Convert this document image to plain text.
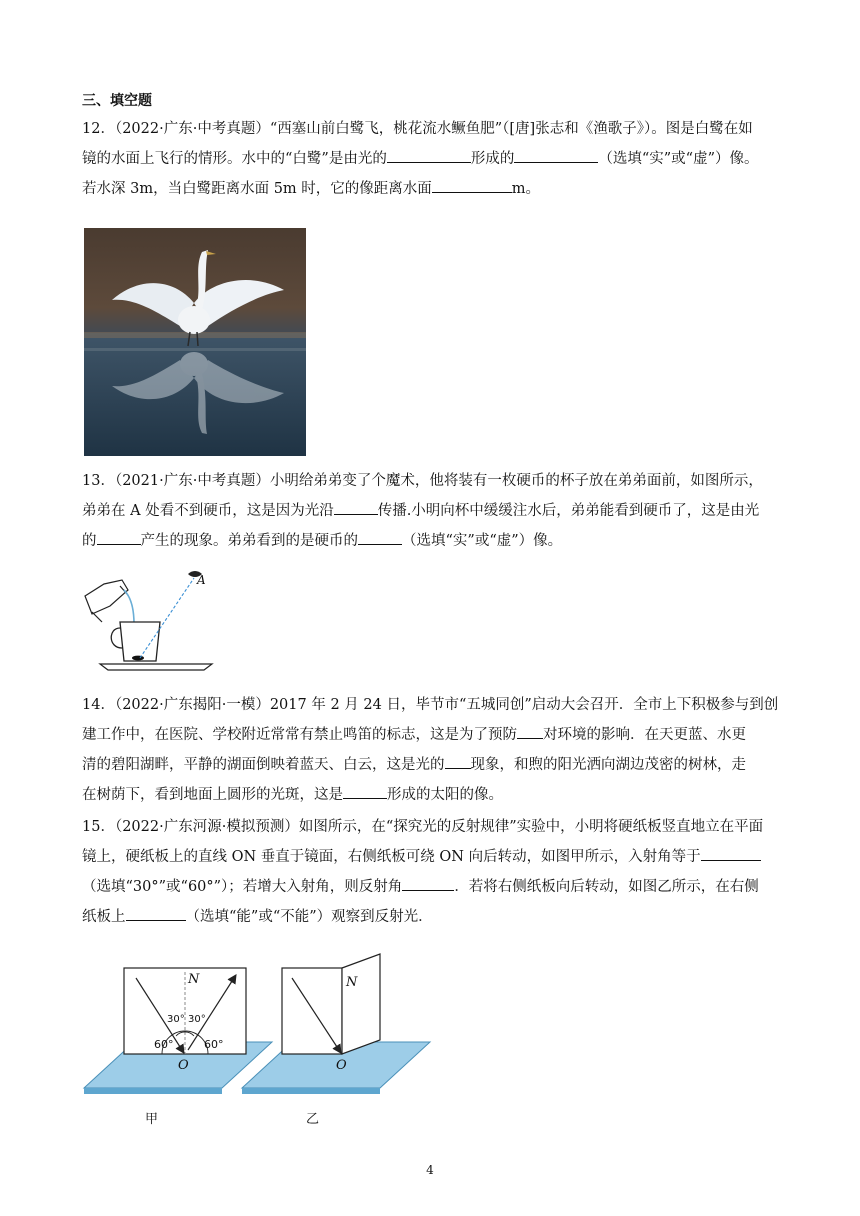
三、填空题
12．（2022·广东·中考真题）“西塞山前白鹭飞，桃花流水鳜鱼肥”（[唐]张志和《渔歌子》）。图是白鹭在如
镜的水面上飞行的情形。水中的“白鹭”是由光的	形成的	（选填“实”或“虚”）像。
若水深 3m，当白鹭距离水面 5m 时，它的像距离水面	m。
13．（2021·广东·中考真题）小明给弟弟变了个魔术，他将装有一枚硬币的杯子放在弟弟面前，如图所示，
弟弟在 A 处看不到硬币，这是因为光沿	传播.小明向杯中缓缓注水后，弟弟能看到硬币了，这是由光
的	产生的现象。弟弟看到的是硬币的	（选填“实”或“虚”）像。
A
14．（2022·广东揭阳·一模）2017 年 2 月 24 日，毕节市“五城同创”启动大会召开．全市上下积极参与到创
建工作中，在医院、学校附近常常有禁止鸣笛的标志，这是为了预防 对环境的影响．在天更蓝、水更
清的碧阳湖畔，平静的湖面倒映着蓝天、白云，这是光的 现象，和煦的阳光洒向湖边茂密的树林，走
在树荫下，看到地面上圆形的光斑，这是	形成的太阳的像。
15．（2022·广东河源·模拟预测）如图所示，在“探究光的反射规律”实验中，小明将硬纸板竖直地立在平面
镜上，硬纸板上的直线 ON 垂直于镜面，右侧纸板可绕 ON 向后转动，如图甲所示，入射角等于
（选填“30°”或“60°”）；若增大入射角，则反射角	．若将右侧纸板向后转动，如图乙所示，在右侧
纸板上	（选填“能”或“不能”）观察到反射光．
N
30° 30°
60°	60°
O
N
O
甲	乙
4
